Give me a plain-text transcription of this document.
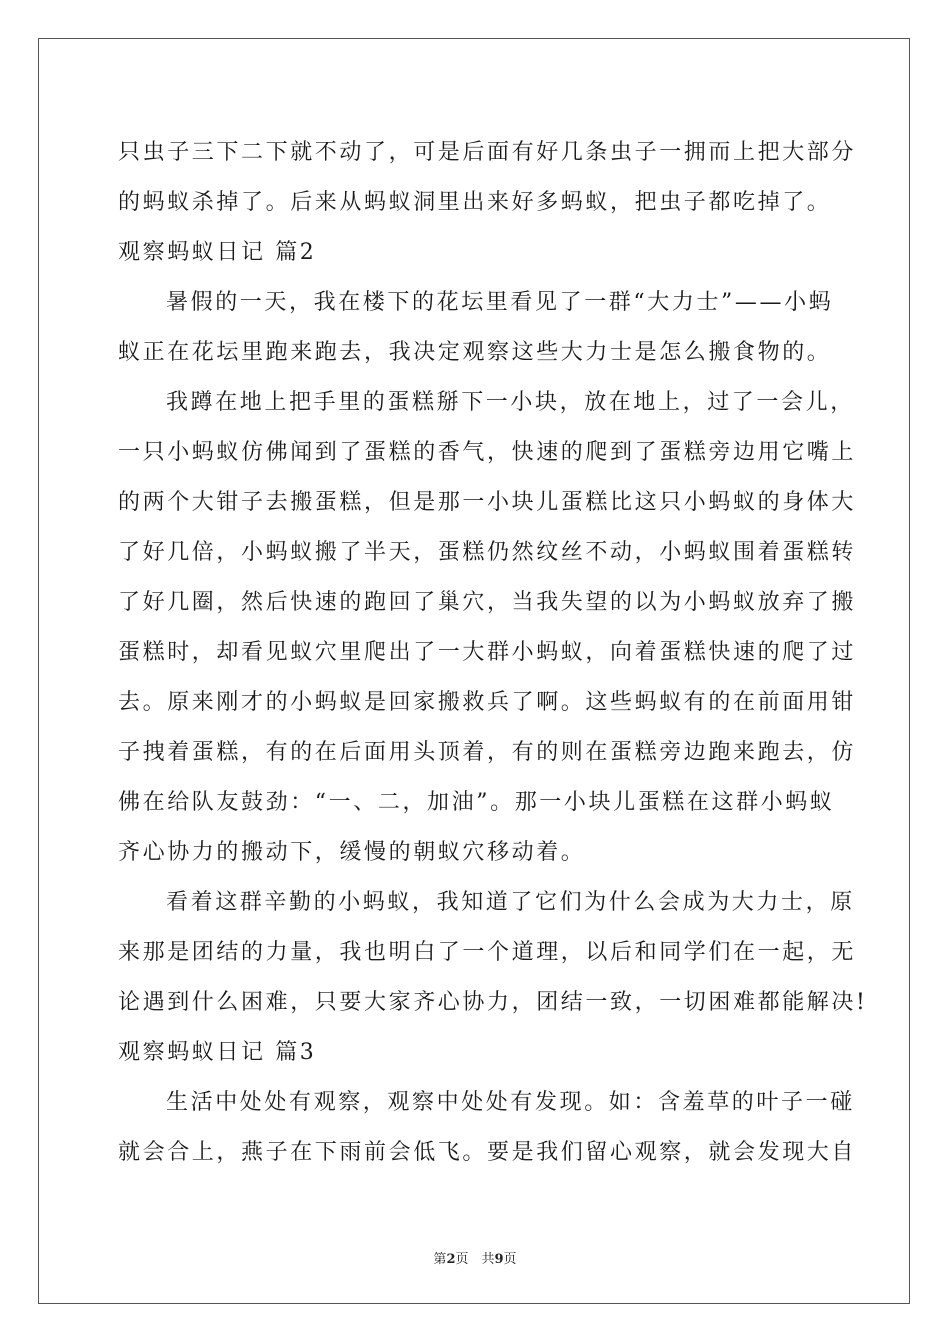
只虫子三下二下就不动了，可是后面有好几条虫子一拥而上把大部分
的蚂蚁杀掉了。后来从蚂蚁洞里出来好多蚂蚁，把虫子都吃掉了。
观察蚂蚁日记 篇2
暑假的一天，我在楼下的花坛里看见了一群“大力士”——小蚂
蚁正在花坛里跑来跑去，我决定观察这些大力士是怎么搬食物的。
我蹲在地上把手里的蛋糕掰下一小块，放在地上，过了一会儿，
一只小蚂蚁仿佛闻到了蛋糕的香气，快速的爬到了蛋糕旁边用它嘴上
的两个大钳子去搬蛋糕，但是那一小块儿蛋糕比这只小蚂蚁的身体大
了好几倍，小蚂蚁搬了半天，蛋糕仍然纹丝不动，小蚂蚁围着蛋糕转
了好几圈，然后快速的跑回了巢穴，当我失望的以为小蚂蚁放弃了搬
蛋糕时，却看见蚁穴里爬出了一大群小蚂蚁，向着蛋糕快速的爬了过
去。原来刚才的小蚂蚁是回家搬救兵了啊。这些蚂蚁有的在前面用钳
子拽着蛋糕，有的在后面用头顶着，有的则在蛋糕旁边跑来跑去，仿
佛在给队友鼓劲：“一、二，加油”。那一小块儿蛋糕在这群小蚂蚁
齐心协力的搬动下，缓慢的朝蚁穴移动着。
看着这群辛勤的小蚂蚁，我知道了它们为什么会成为大力士，原
来那是团结的力量，我也明白了一个道理，以后和同学们在一起，无
论遇到什么困难，只要大家齐心协力，团结一致，一切困难都能解决!
观察蚂蚁日记 篇3
生活中处处有观察，观察中处处有发现。如：含羞草的叶子一碰
就会合上，燕子在下雨前会低飞。要是我们留心观察，就会发现大自
第2页　共9页
